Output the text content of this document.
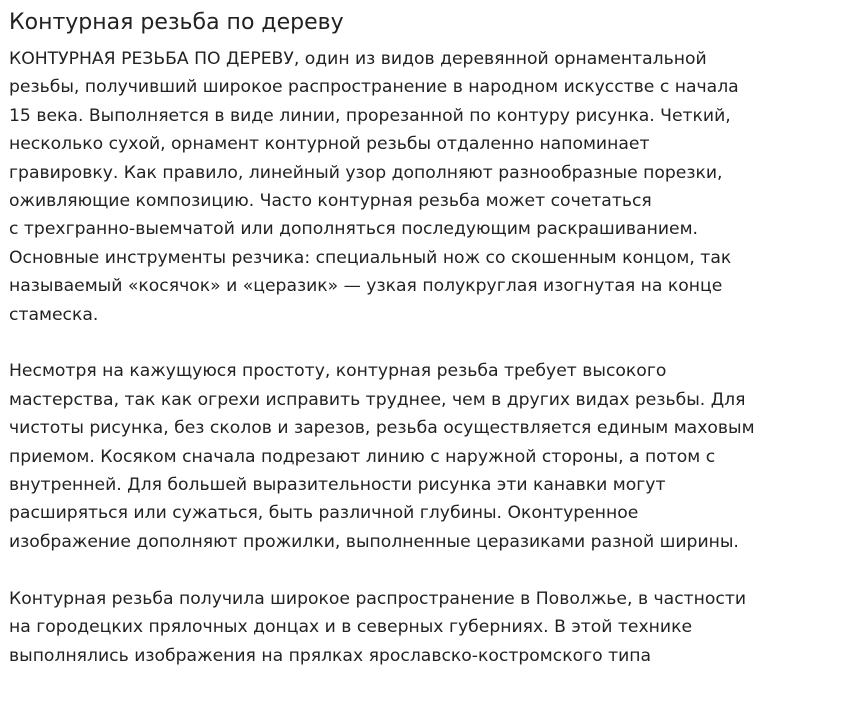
Контурная резьба по дереву

КОНТУРНАЯ РЕЗЬБА ПО ДЕРЕВУ, один из видов деревянной орнаментальной
резьбы, получивший широкое распространение в народном искусстве с начала
15 века. Выполняется в виде линии, прорезанной по контуру рисунка. Четкий,
несколько сухой, орнамент контурной резьбы отдаленно напоминает
гравировку. Как правило, линейный узор дополняют разнообразные порезки,
оживляющие композицию. Часто контурная резьба может сочетаться
с трехгранно-выемчатой или дополняться последующим раскрашиванием.
Основные инструменты резчика: специальный нож со скошенным концом, так
называемый «косячок» и «церазик» — узкая полукруглая изогнутая на конце
стамеска.

Несмотря на кажущуюся простоту, контурная резьба требует высокого
мастерства, так как огрехи исправить труднее, чем в других видах резьбы. Для
чистоты рисунка, без сколов и зарезов, резьба осуществляется единым маховым
приемом. Косяком сначала подрезают линию с наружной стороны, а потом с
внутренней. Для большей выразительности рисунка эти канавки могут
расширяться или сужаться, быть различной глубины. Оконтуренное
изображение дополняют прожилки, выполненные церазиками разной ширины.

Контурная резьба получила широкое распространение в Поволжье, в частности
на городецких прялочных донцах и в северных губерниях. В этой технике
выполнялись изображения на прялках ярославско-костромского типа
